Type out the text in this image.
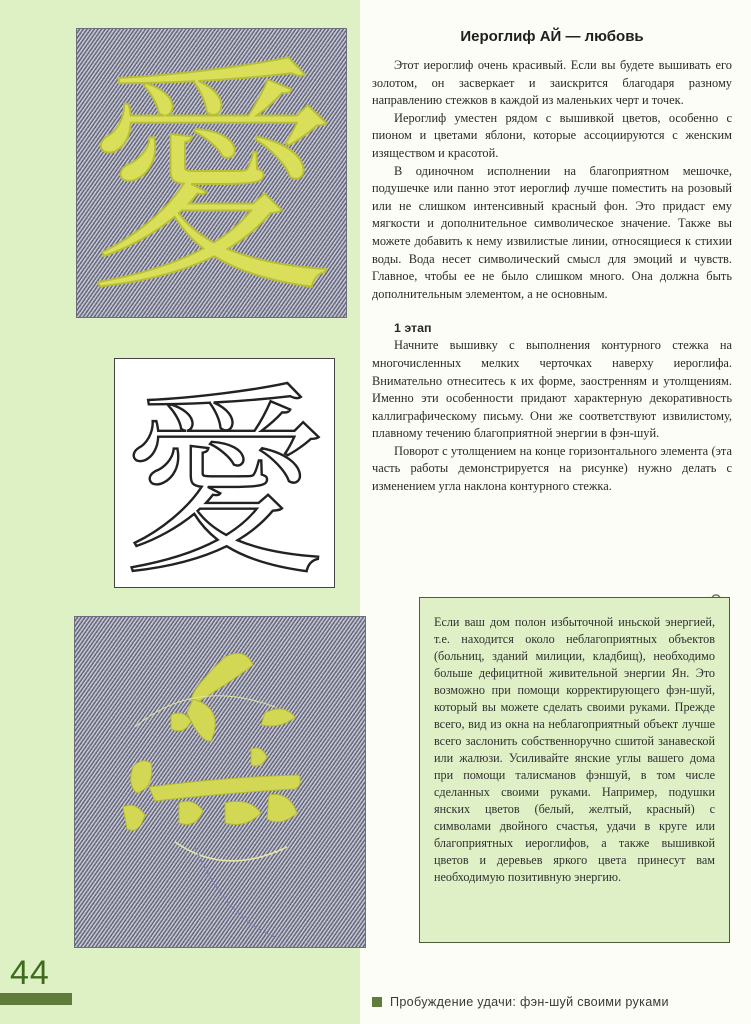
愛
愛
Иероглиф АЙ — любовь

Этот иероглиф очень красивый. Если вы будете вышивать его золотом, он засверкает и заискрится благодаря разному направлению стежков в каждой из маленьких черт и точек.

Иероглиф уместен рядом с вышивкой цветов, особенно с пионом и цветами яблони, которые ассоциируются с женским изяществом и красотой.

В одиночном исполнении на благоприятном мешочке, подушечке или панно этот иероглиф лучше поместить на розовый или не слишком интенсивный красный фон. Это придаст ему мягкости и дополнительное символическое значение. Также вы можете добавить к нему извилистые линии, относящиеся к стихии воды. Вода несет символический смысл для эмоций и чувств. Главное, чтобы ее не было слишком много. Она должна быть дополнительным элементом, а не основным.

1 этап

Начните вышивку с выполнения контурного стежка на многочисленных мелких черточках наверху иероглифа. Внимательно отнеситесь к их форме, заостренням и утолщениям. Именно эти особенности придают характерную декоративность каллиграфическому письму. Они же соответствуют извилистому, плавному течению благоприятной энергии в фэн-шуй.

Поворот с утолщением на конце горизонтального элемента (эта часть работы демонстрируется на рисунке) нужно делать с изменением угла наклона контурного стежка.

Если ваш дом полон избыточной иньской энергией, т.е. находится около неблагоприятных объектов (больниц, зданий милиции, кладбищ), необходимо больше дефицитной живительной энергии Ян. Это возможно при помощи корректирующего фэн-шуй, который вы можете сделать своими руками. Прежде всего, вид из окна на неблагоприятный объект лучше всего заслонить собственноручно сшитой занавеской или жалюзи. Усиливайте янские углы вашего дома при помощи талисманов фэншуй, в том числе сделанных своими руками. Например, подушки янских цветов (белый, желтый, красный) с символами двойного счастья, удачи в круге или благоприятных иероглифов, а также вышивкой цветов и деревьев яркого цвета принесут вам необходимую позитивную энергию.

44
Пробуждение удачи: фэн-шуй своими руками
